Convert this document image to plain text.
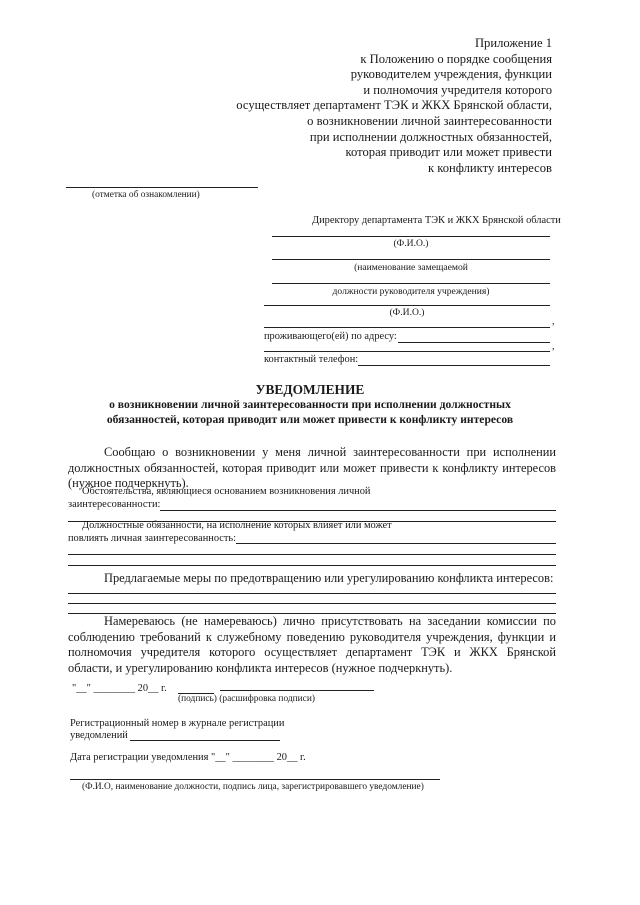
Приложение 1
к Положению о порядке сообщения
руководителем учреждения, функции
и полномочия учредителя которого
осуществляет департамент ТЭК и ЖКХ Брянской области,
о возникновении личной заинтересованности
при исполнении должностных обязанностей,
которая приводит или может привести
к конфликту интересов
(отметка об ознакомлении)
Директору департамента ТЭК и ЖКХ Брянской области
(Ф.И.О.)
(наименование замещаемой
должности руководителя учреждения)
(Ф.И.О.)
,
проживающего(ей) по адресу:
,
контактный телефон:
УВЕДОМЛЕНИЕ
о возникновении личной заинтересованности при исполнении должностных
обязанностей, которая приводит или может привести к конфликту интересов
Сообщаю о возникновении у меня личной заинтересованности при исполнении должностных обязанностей, которая приводит или может привести к конфликту интересов (нужное подчеркнуть).
Обстоятельства, являющиеся основанием возникновения личной
заинтересованности:
Должностные обязанности, на исполнение которых влияет или может
повлиять личная заинтересованность:
Предлагаемые меры по предотвращению или урегулированию конфликта интересов:
Намереваюсь (не намереваюсь) лично присутствовать на заседании комиссии по соблюдению требований к служебному поведению руководителя учреждения, функции и полномочия учредителя которого осуществляет департамент ТЭК и ЖКХ Брянской области, и урегулированию конфликта интересов (нужное подчеркнуть).
"__" ________ 20__ г.
(подпись) (расшифровка подписи)
Регистрационный номер в журнале регистрации
уведомлений
Дата регистрации уведомления "__" ________ 20__ г.
(Ф.И.О, наименование должности, подпись лица, зарегистрировавшего уведомление)
